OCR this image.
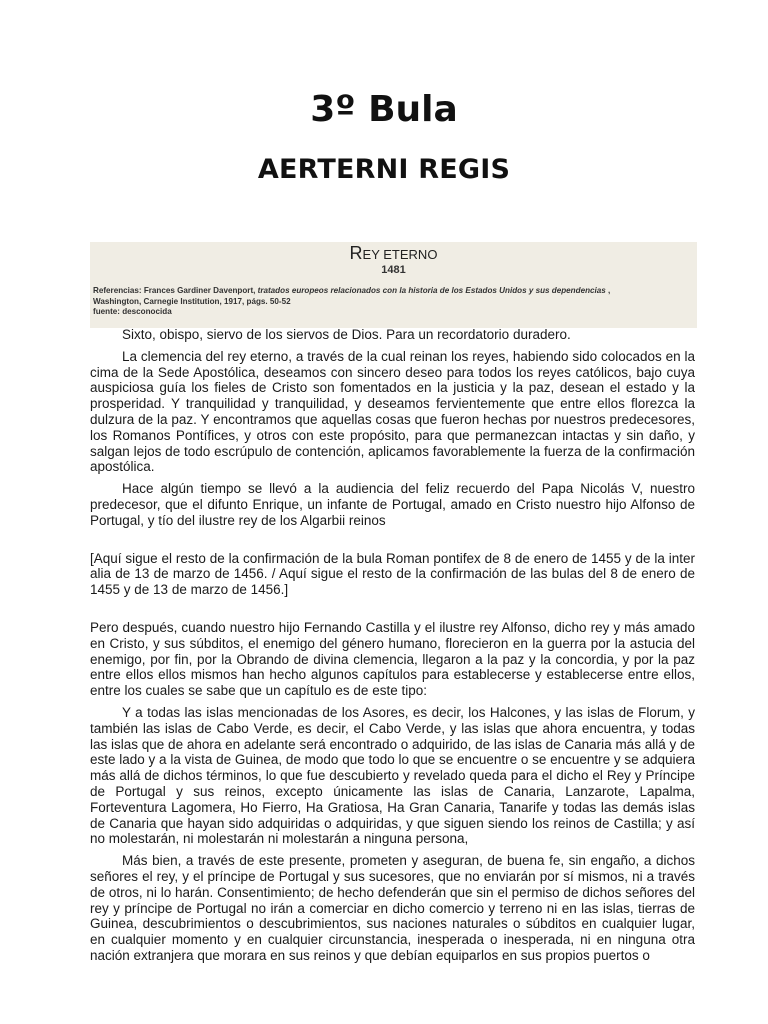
3º Bula
AERTERNI REGIS
REY ETERNO
1481
Referencias: Frances Gardiner Davenport, tratados europeos relacionados con la historia de los Estados Unidos y sus dependencias ,
Washington, Carnegie Institution, 1917, págs. 50-52
fuente: desconocida

Sixto, obispo, siervo de los siervos de Dios. Para un recordatorio duradero.

La clemencia del rey eterno, a través de la cual reinan los reyes, habiendo sido colocados en la cima de la Sede Apostólica, deseamos con sincero deseo para todos los reyes católicos, bajo cuya auspiciosa guía los fieles de Cristo son fomentados en la justicia y la paz, desean el estado y la prosperidad. Y tranquilidad y tranquilidad, y deseamos fervientemente que entre ellos florezca la dulzura de la paz. Y encontramos que aquellas cosas que fueron hechas por nuestros predecesores, los Romanos Pontífices, y otros con este propósito, para que permanezcan intactas y sin daño, y salgan lejos de todo escrúpulo de contención, aplicamos favorablemente la fuerza de la confirmación apostólica.

Hace algún tiempo se llevó a la audiencia del feliz recuerdo del Papa Nicolás V, nuestro predecesor, que el difunto Enrique, un infante de Portugal, amado en Cristo nuestro hijo Alfonso de Portugal, y tío del ilustre rey de los Algarbii reinos

[Aquí sigue el resto de la confirmación de la bula Roman pontifex de 8 de enero de 1455 y de la inter alia de 13 de marzo de 1456. / Aquí sigue el resto de la confirmación de las bulas del 8 de enero de 1455 y de 13 de marzo de 1456.]

Pero después, cuando nuestro hijo Fernando Castilla y el ilustre rey Alfonso, dicho rey y más amado en Cristo, y sus súbditos, el enemigo del género humano, florecieron en la guerra por la astucia del enemigo, por fin, por la Obrando de divina clemencia, llegaron a la paz y la concordia, y por la paz entre ellos ellos mismos han hecho algunos capítulos para establecerse y establecerse entre ellos, entre los cuales se sabe que un capítulo es de este tipo:

Y a todas las islas mencionadas de los Asores, es decir, los Halcones, y las islas de Florum, y también las islas de Cabo Verde, es decir, el Cabo Verde, y las islas que ahora encuentra, y todas las islas que de ahora en adelante será encontrado o adquirido, de las islas de Canaria más allá y de este lado y a la vista de Guinea, de modo que todo lo que se encuentre o se encuentre y se adquiera más allá de dichos términos, lo que fue descubierto y revelado queda para el dicho el Rey y Príncipe de Portugal y sus reinos, excepto únicamente las islas de Canaria, Lanzarote, Lapalma, Forteventura Lagomera, Ho Fierro, Ha Gratiosa, Ha Gran Canaria, Tanarife y todas las demás islas de Canaria que hayan sido adquiridas o adquiridas, y que siguen siendo los reinos de Castilla; y así no molestarán, ni molestarán ni molestarán a ninguna persona,

Más bien, a través de este presente, prometen y aseguran, de buena fe, sin engaño, a dichos señores el rey, y el príncipe de Portugal y sus sucesores, que no enviarán por sí mismos, ni a través de otros, ni lo harán. Consentimiento; de hecho defenderán que sin el permiso de dichos señores del rey y príncipe de Portugal no irán a comerciar en dicho comercio y terreno ni en las islas, tierras de Guinea, descubrimientos o descubrimientos, sus naciones naturales o súbditos en cualquier lugar, en cualquier momento y en cualquier circunstancia, inesperada o inesperada, ni en ninguna otra nación extranjera que morara en sus reinos y que debían equiparlos en sus propios puertos o
